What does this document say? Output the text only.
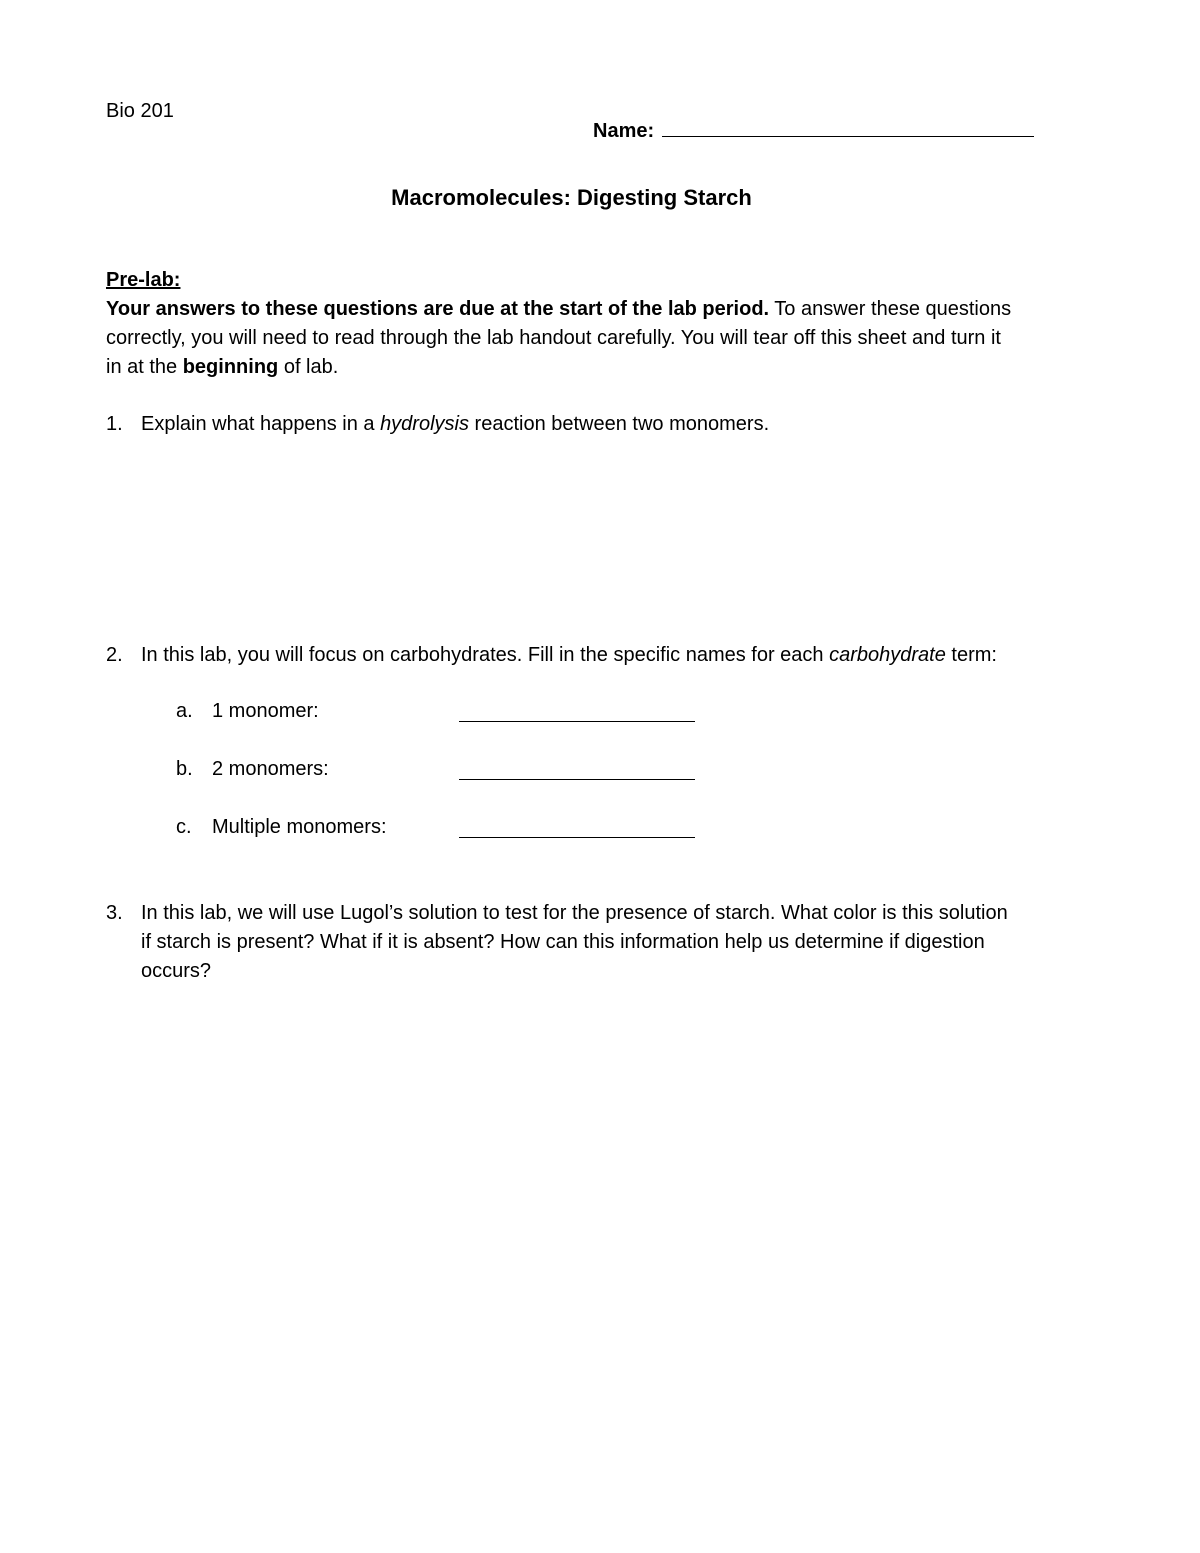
Bio 201
Name:
Macromolecules: Digesting Starch
Pre-lab:
Your answers to these questions are due at the start of the lab period. To answer these questions
correctly, you will need to read through the lab handout carefully. You will tear off this sheet and turn it
in at the beginning of lab.
1. Explain what happens in a hydrolysis reaction between two monomers.
2. In this lab, you will focus on carbohydrates. Fill in the specific names for each carbohydrate term:
a. 1 monomer:
b. 2 monomers:
c. Multiple monomers:
3. In this lab, we will use Lugol’s solution to test for the presence of starch. What color is this solution
if starch is present? What if it is absent? How can this information help us determine if digestion
occurs?
